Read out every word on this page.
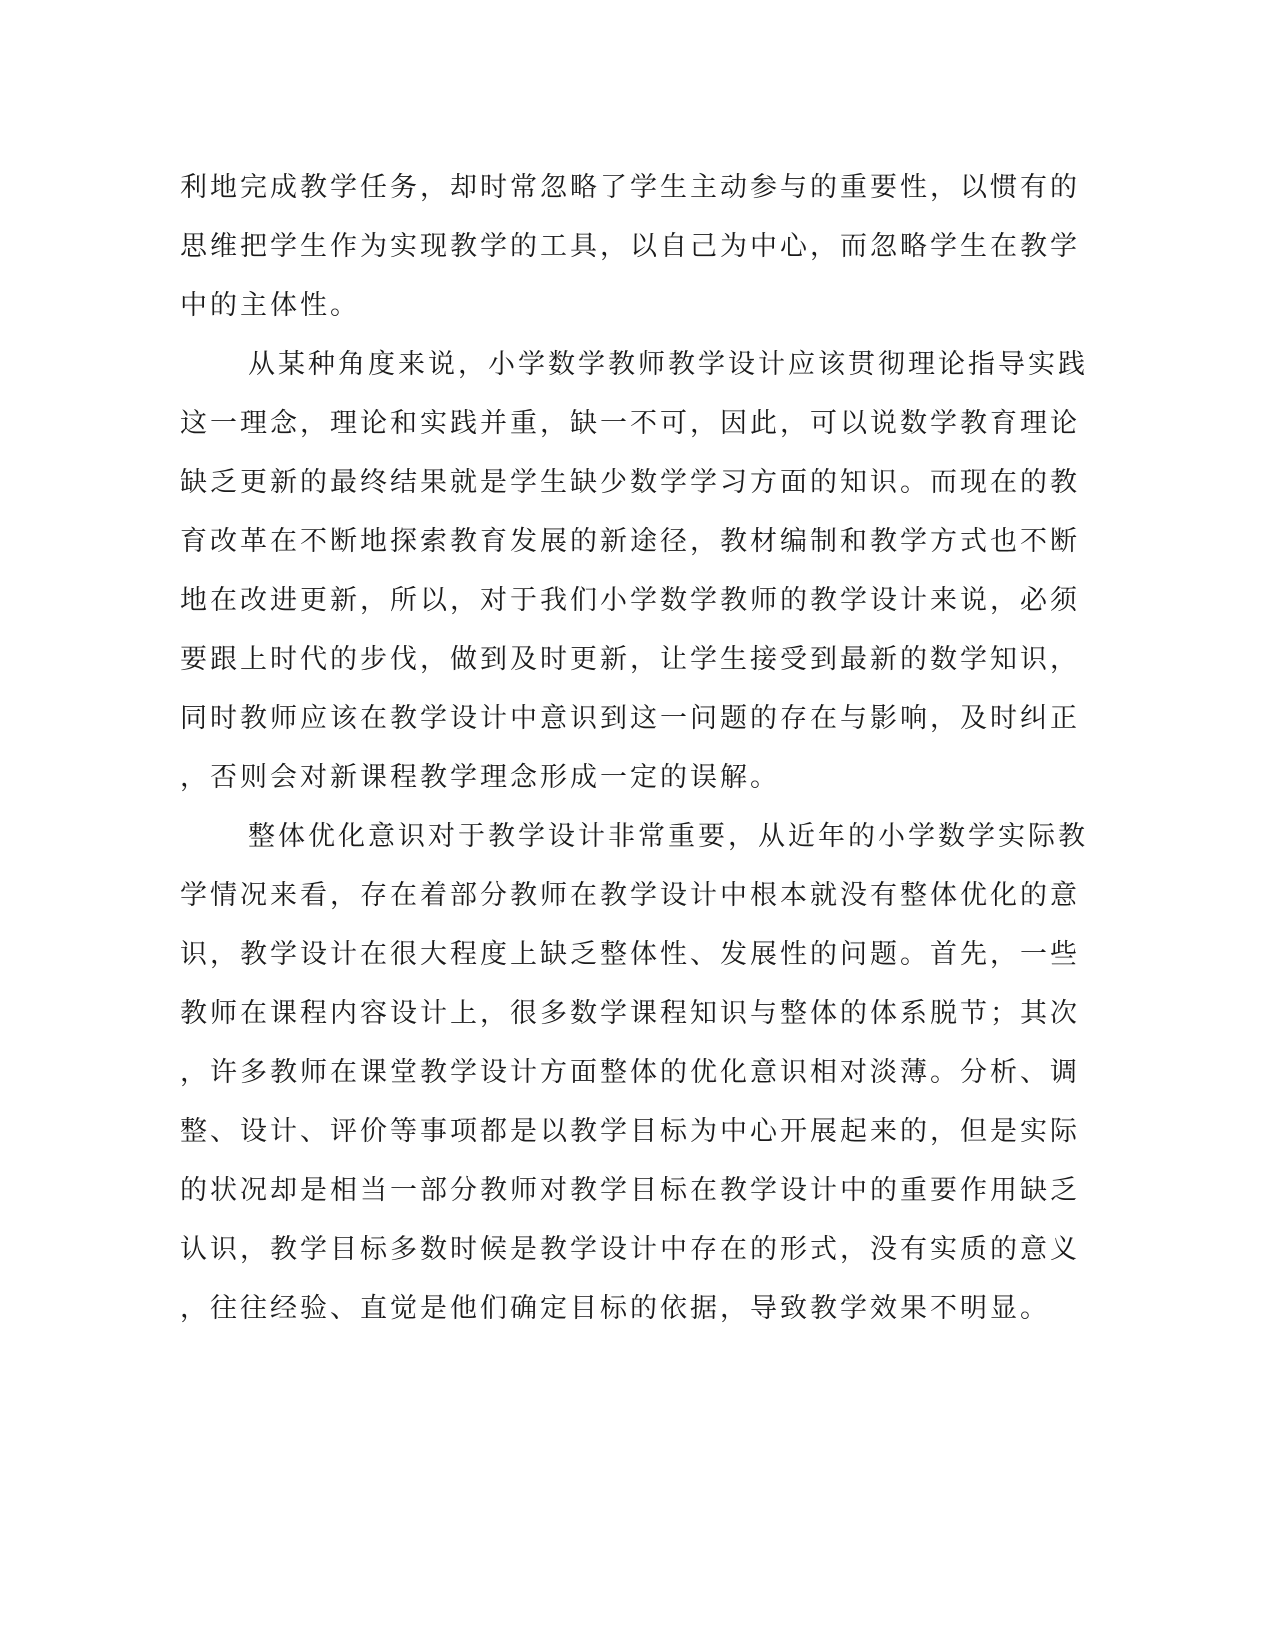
利地完成教学任务，却时常忽略了学生主动参与的重要性，以惯有的
思维把学生作为实现教学的工具，以自己为中心，而忽略学生在教学
中的主体性。
从某种角度来说，小学数学教师教学设计应该贯彻理论指导实践
这一理念，理论和实践并重，缺一不可，因此，可以说数学教育理论
缺乏更新的最终结果就是学生缺少数学学习方面的知识。而现在的教
育改革在不断地探索教育发展的新途径，教材编制和教学方式也不断
地在改进更新，所以，对于我们小学数学教师的教学设计来说，必须
要跟上时代的步伐，做到及时更新，让学生接受到最新的数学知识，
同时教师应该在教学设计中意识到这一问题的存在与影响，及时纠正
，否则会对新课程教学理念形成一定的误解。
整体优化意识对于教学设计非常重要，从近年的小学数学实际教
学情况来看，存在着部分教师在教学设计中根本就没有整体优化的意
识，教学设计在很大程度上缺乏整体性、发展性的问题。首先，一些
教师在课程内容设计上，很多数学课程知识与整体的体系脱节；其次
，许多教师在课堂教学设计方面整体的优化意识相对淡薄。分析、调
整、设计、评价等事项都是以教学目标为中心开展起来的，但是实际
的状况却是相当一部分教师对教学目标在教学设计中的重要作用缺乏
认识，教学目标多数时候是教学设计中存在的形式，没有实质的意义
，往往经验、直觉是他们确定目标的依据，导致教学效果不明显。
